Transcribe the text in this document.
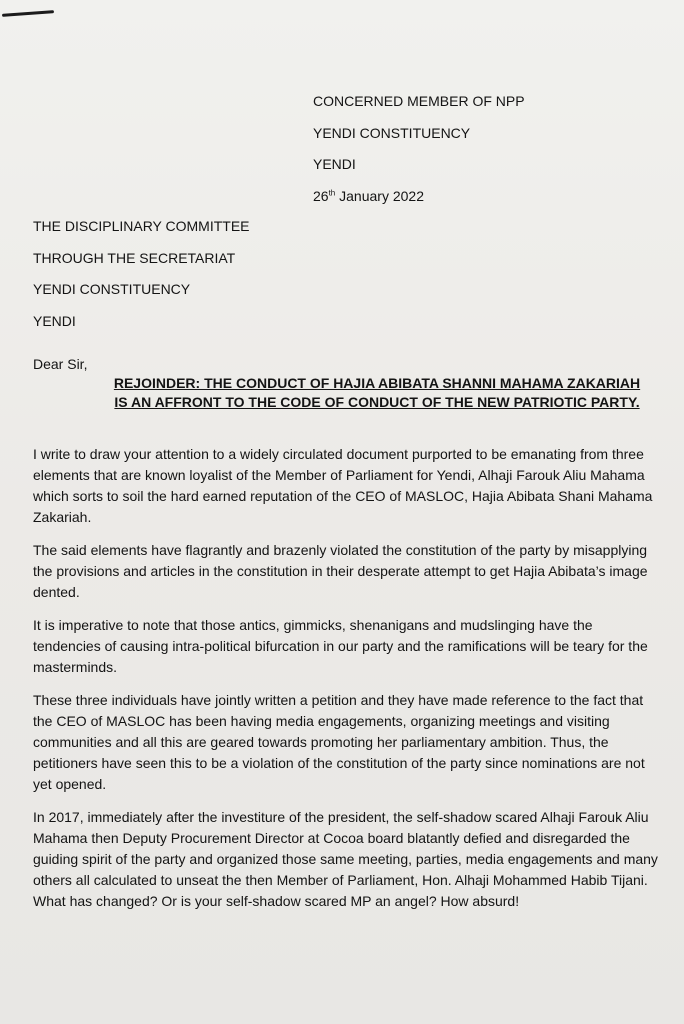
CONCERNED MEMBER OF NPP
YENDI CONSTITUENCY
YENDI
26th January 2022
THE DISCIPLINARY COMMITTEE
THROUGH THE SECRETARIAT
YENDI CONSTITUENCY
YENDI
Dear Sir,
REJOINDER: THE CONDUCT OF HAJIA ABIBATA SHANNI MAHAMA ZAKARIAH IS AN AFFRONT TO THE CODE OF CONDUCT OF THE NEW PATRIOTIC PARTY.

I write to draw your attention to a widely circulated document purported to be emanating from three elements that are known loyalist of the Member of Parliament for Yendi, Alhaji Farouk Aliu Mahama which sorts to soil the hard earned reputation of the CEO of MASLOC, Hajia Abibata Shani Mahama Zakariah.

The said elements have flagrantly and brazenly violated the constitution of the party by misapplying the provisions and articles in the constitution in their desperate attempt to get Hajia Abibata’s image dented.

It is imperative to note that those antics, gimmicks, shenanigans and mudslinging have the tendencies of causing intra-political bifurcation in our party and the ramifications will be teary for the masterminds.

These three individuals have jointly written a petition and they have made reference to the fact that the CEO of MASLOC has been having media engagements, organizing meetings and visiting communities and all this are geared towards promoting her parliamentary ambition. Thus, the petitioners have seen this to be a violation of the constitution of the party since nominations are not yet opened.

In 2017, immediately after the investiture of the president, the self-shadow scared Alhaji Farouk Aliu Mahama then Deputy Procurement Director at Cocoa board blatantly defied and disregarded the guiding spirit of the party and organized those same meeting, parties, media engagements and many others all calculated to unseat the then Member of Parliament, Hon. Alhaji Mohammed Habib Tijani. What has changed? Or is your self-shadow scared MP an angel? How absurd!
